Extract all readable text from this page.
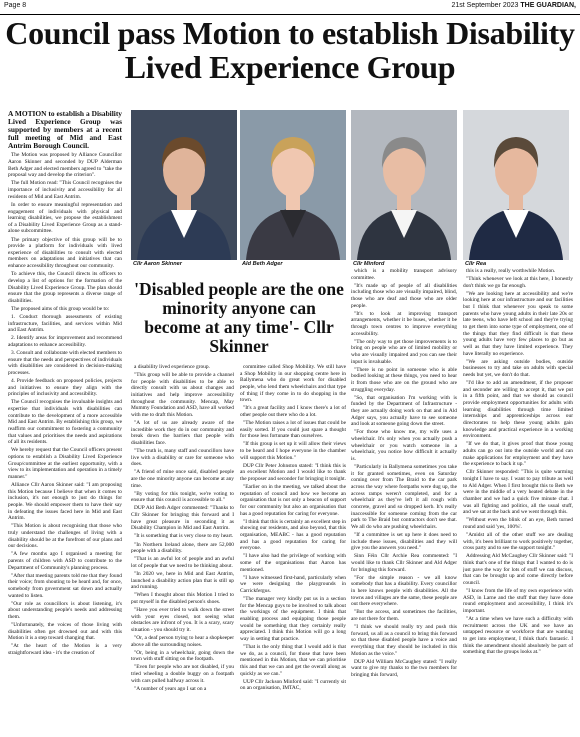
Page 8	21st September 2023 THE GUARDIAN,
Council pass Motion to establish Disability Lived Experience Group

A MOTION to establish a Disability Lived Experience Group was supported by members at a recent full meeting of Mid and East Antrim Borough Council.

The Motion was proposed by Alliance Councillor Aaron Skinner and seconded by DUP Alderman Beth Adger and elected members agreed to "take the proposal way and develop the criterion".

The full Motion read: "This Council recognises the importance of inclusivity and accessibility for all residents of Mid and East Antrim.

In order to ensure meaningful representation and engagement of individuals with physical and learning disabilities, we propose the establishment of a Disability Lived Experience Group as a stand-alone subcommittee.

The primary objective of this group will be to provide a platform for individuals with lived experience of disabilities to consult with elected members on adaptations and initiatives that can enhance accessibility throughout our community.

To achieve this, the Council directs its officers to develop a list of options for the formation of the Disability Lived Experience Group. The plan should ensure that the group represents a diverse range of disabilities.

The proposed aims of this group would be to:

1. Conduct thorough assessments of existing infrastructure, facilities, and services within Mid and East Antrim.

2. Identify areas for improvement and recommend adaptations to enhance accessibility.

3. Consult and collaborate with elected members to ensure that the needs and perspectives of individuals with disabilities are considered in decision-making processes.

4. Provide feedback on proposed policies, projects and initiatives to ensure they align with the principles of inclusivity and accessibility.

The Council recognises the invaluable insights and expertise that individuals with disabilities can contribute to the development of a more accessible Mid and East Antrim. By establishing this group, we reaffirm our commitment to fostering a community that values and prioritises the needs and aspirations of all its residents.

We hereby request that the Council officers present options to establish a Disability Lived Experience Group/committee at the earliest opportunity, with a view to its implementation and operation in a timely manner."

Alliance Cllr Aaron Skinner said: "I am proposing this Motion because I believe that when it comes to inclusion, it's not enough to just do things for people. We should empower them to have their say in defeating the issues faced here in Mid and East Antrim.

"This Motion is about recognising that those who truly understand the challenges of living with a disability should be at the forefront of our plans and our decisions.

"A few months ago I organised a meeting for parents of children with ASD to contribute to the Department of Community's planning process.

"After that meeting parents told me that they found their voice; from shouting to be heard and, for once, somebody from government sat down and actually wanted to listen.

"Our role as councillors is about listening, it's about understanding people's needs and addressing them.

"Unfortunately, the voices of those living with disabilities often get drowned out and with this Motion it is a step toward changing that.

"At the heart of the Motion is a very straightforward idea - it's the creation of

Cllr Aaron Skinner	Ald Beth Adger	Cllr Minford	Cllr Rea
'Disabled people are the one minority anyone can become at any time'- Cllr Skinner

a disability lived experience group.

"This group will be able to provide a channel for people with disabilities to be able to directly consult with us about changes and initiatives and help improve accessibility throughout the community. Mencap, May Mummy Foundation and ASD, have all worked with me to draft this Motion.

"A lot of us are already aware of the incredible work they do in our community and break down the barriers that people with disabilities face.

"The truth is, many staff and councillors have live with a disability or care for someone who does.

"A friend of mine once said, disabled people are the one minority anyone can become at any time.

"By voting for this tonight, we're voting to ensure that this council is accessible to all."

DUP Ald Beth Adger commented: "Thanks to Cllr Skinner for bringing this forward and I have great pleasure in seconding it as Disability Champion in Mid and East Antrim.

"It is something that is very close to my heart.

"In Northern Ireland alone, there are 52,000 people with a disability.

"That is an awful lot of people and an awful lot of people that we need to be thinking about.

"In 2020 we, here in Mid and East Antrim, launched a disability action plan that is still up and running.

"When I thought about this Motion I tried to put myself in the disabled person's shoes.

"Have you ever tried to walk down the street with your eyes closed, not seeing what obstacles are infront of you. It is a scary, scary situation - you should try it.

"Or, a deaf person trying to hear a shopkeeper above all the surrounding noises.

"Or, being in a wheelchair, going down the town with stuff sitting on the footpath.

"Even for people who are not disabled, if you tried wheeling a double buggy on a footpath with cars pulled halfway across it.

"A number of years ago I sat on a

committee called Shop Mobility. We still have a Shop Mobility in our shopping centre here in Ballymena who do great work for disabled people, who lend them wheelchairs and that type of thing if they come in to do shopping in the town.

"It's a great facility and I know there's a lot of other people out there who do a lot.

"The Motion raises a lot of issues that could be easily sorted. If you could just spare a thought for those less fortunate than ourselves.

"If this group is set up it will allow their views to be heard and I hope everyone in the chamber will support this Motion."

DUP Cllr Peter Johnston stated: "I think this is an excellent Motion and I would like to thank the proposer and seconder for bringing it tonight.

"Earlier on in the meeting, we talked about the reputation of council and how we become an organisation that is not only a beacon of support for our community but also an organisation that has a good reputation for caring for everyone.

"I think that this is certainly an excellent step in showing our residents, and also beyond, that this organisation, MEABC - has a good reputation and has a good reputation for caring for everyone.

"I have also had the privilege of working with some of the organisations that Aaron has mentioned.

"I have witnessed first-hand, particularly when we were designing the playgrounds in Carrickfergus.

"The manager very kindly put us in a section for the Mencap guys to be involved to talk about the workings of the equipment. I think that enabling process and equipping those people would be something that they certainly really appreciated. I think this Motion will go a long way in setting that practice.

"That is the only thing that I would add is that we do, as a council, for those that have been mentioned in this Motion, that we can prioritise this and that we can and get the overall along as quickly as we can."

UUP Cllr Jackson Minford said: "I currently sit on an organisation, IMTAC,

which is a mobility transport advisory committee.

"It's made up of people of all disabilities including those who are visually impaired, blind, those who are deaf and those who are older people.

"It's to look at improving transport arrangements, whether it be buses, whether it be through town centres to improve everything accessibility.

"The only way to get those improvements is to bring on people who are of limited mobility or who are visually impaired and you can see their input is invaluable.

"There is no point in someone who is able bodied looking at these things, you need to hear it from those who are on the ground who are struggling everyday.

"So, that organisation I'm working with is funded by the Department of Infrastructure - they are actually doing work on that and in Ald Adger says, you actually have to see someone and look at someone going down the street.

"For those who know me, my wife uses a wheelchair. It's only when you actually push a wheelchair or you watch someone in a wheelchair, you notice how difficult it actually is.

"Particularly in Ballymena sometimes you take it for granted sometimes, even on Saturday coming over from The Braid to the car park across the way where footpaths were dug up, the access ramps weren't completed, and for a wheelchair as they've left it all rough with concrete, gravel and so dropped kerb. It's really inaccessible for someone coming from the car park to The Braid but contractors don't see that. We all do who are pushing wheelchairs.

"If a committee is set up here it does need to include these issues, disabilities and they will give you the answers you need."

Sinn Féin Cllr Archie Rea commented: "I would like to thank Cllr Skinner and Ald Adger for bringing this forward.

"For the simple reason - we all know somebody that has a disability. Every councillor in here knows people with disabilities. All the towns and villages are the same, these people are out there everywhere.

"But the access, and sometimes the facilities, are not there for them.

"I think we should really try and push this forward, us all as a council to bring this forward so that these disabled people have a voice and everything that they should be included in this Motion as the voice."

DUP Ald William McCaughey stated: "I really want to give my thanks to the two members for bringing this forward,

this is a really, really worthwhile Motion.

"Think whenever we look at this here, I honestly don't think we go far enough.

"We are looking here at accessibility and we're looking here at our infrastructure and our facilities but I think that whenever you speak to some parents who have young adults in their late 20s or late teens, who have left school and they're trying to get them into some type of employment, one of the things that they find difficult is that these young adults have very few places to go but as well as that they have limited experience. They have literally no experience.

"We are asking outside bodies, outside businesses to try and take on adults with special needs but yet, we don't do that.

"I'd like to add an amendment, if the proposer and seconder are willing to accept it, that we put in a fifth point, and that we should as council provide employment opportunities for adults with learning disabilities through time limited internships and apprenticeships across our directorates to help these young adults gain knowledge and practical experience in a working environment.

"If we do that, it gives proof that those young adults can go out into the outside world and can make applications for employment and they have the experience to back it up."

Cllr Skinner responded: "This is quite warming tonight I have to say. I want to pay tribute as well to Ald Adger. When I first brought this to Beth we were in the middle of a very heated debate in the chamber and we had a quick five minute chat. I was all fighting and politics, all the usual stuff, and we sat at the back and we went through this.

"Without even the blink of an eye, Beth turned round and said 'yes, 100%'.

"Amidst all of the other stuff we are dealing with, it's been brilliant to work positively together, cross party and to see the support tonight."

Addressing Ald McCaughey Cllr Skinner said: "I think that's one of the things that I wanted to do is just pave the way for lots of stuff we can discuss, that can be brought up and come directly before council.

"I know from the life of my own experience with ASD, in Larne and the stuff that they have done round employment and accessibility, I think it's important.

"At a time when we have such a difficulty with recruitment across the UK and we have an untapped resource or workforce that are wanting to get into employment, I think that's fantastic. I think the amendment should absolutely be part of something that the groups looks at."
